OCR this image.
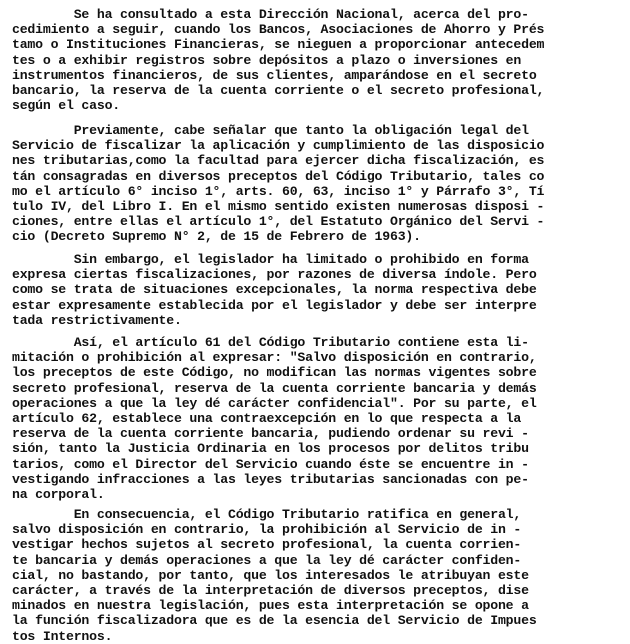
Se ha consultado a esta Dirección Nacional, acerca del pro-
cedimiento a seguir, cuando los Bancos, Asociaciones de Ahorro y Prés
tamo o Instituciones Financieras, se nieguen a proporcionar antecedem
tes o a exhibir registros sobre depósitos a plazo o inversiones en
instrumentos financieros, de sus clientes, amparándose en el secreto
bancario, la reserva de la cuenta corriente o el secreto profesional,
según el caso.
Previamente, cabe señalar que tanto la obligación legal del
Servicio de fiscalizar la aplicación y cumplimiento de las disposicio
nes tributarias,como la facultad para ejercer dicha fiscalización, es
tán consagradas en diversos preceptos del Código Tributario, tales co
mo el artículo 6° inciso 1°, arts. 60, 63, inciso 1° y Párrafo 3°, Tí
tulo IV, del Libro I. En el mismo sentido existen numerosas disposi -
ciones, entre ellas el artículo 1°, del Estatuto Orgánico del Servi -
cio (Decreto Supremo N° 2, de 15 de Febrero de 1963).
Sin embargo, el legislador ha limitado o prohibido en forma
expresa ciertas fiscalizaciones, por razones de diversa índole. Pero
como se trata de situaciones excepcionales, la norma respectiva debe
estar expresamente establecida por el legislador y debe ser interpre
tada restrictivamente.
Así, el artículo 61 del Código Tributario contiene esta li-
mitación o prohibición al expresar: "Salvo disposición en contrario,
los preceptos de este Código, no modifican las normas vigentes sobre
secreto profesional, reserva de la cuenta corriente bancaria y demás
operaciones a que la ley dé carácter confidencial". Por su parte, el
artículo 62, establece una contraexcepción en lo que respecta a la
reserva de la cuenta corriente bancaria, pudiendo ordenar su revi -
sión, tanto la Justicia Ordinaria en los procesos por delitos tribu
tarios, como el Director del Servicio cuando éste se encuentre in -
vestigando infracciones a las leyes tributarias sancionadas con pe-
na corporal.
En consecuencia, el Código Tributario ratifica en general,
salvo disposición en contrario, la prohibición al Servicio de in -
vestigar hechos sujetos al secreto profesional, la cuenta corrien-
te bancaria y demás operaciones a que la ley dé carácter confiden-
cial, no bastando, por tanto, que los interesados le atribuyan este
carácter, a través de la interpretación de diversos preceptos, dise
minados en nuestra legislación, pues esta interpretación se opone a
la función fiscalizadora que es de la esencia del Servicio de Impues
tos Internos.
